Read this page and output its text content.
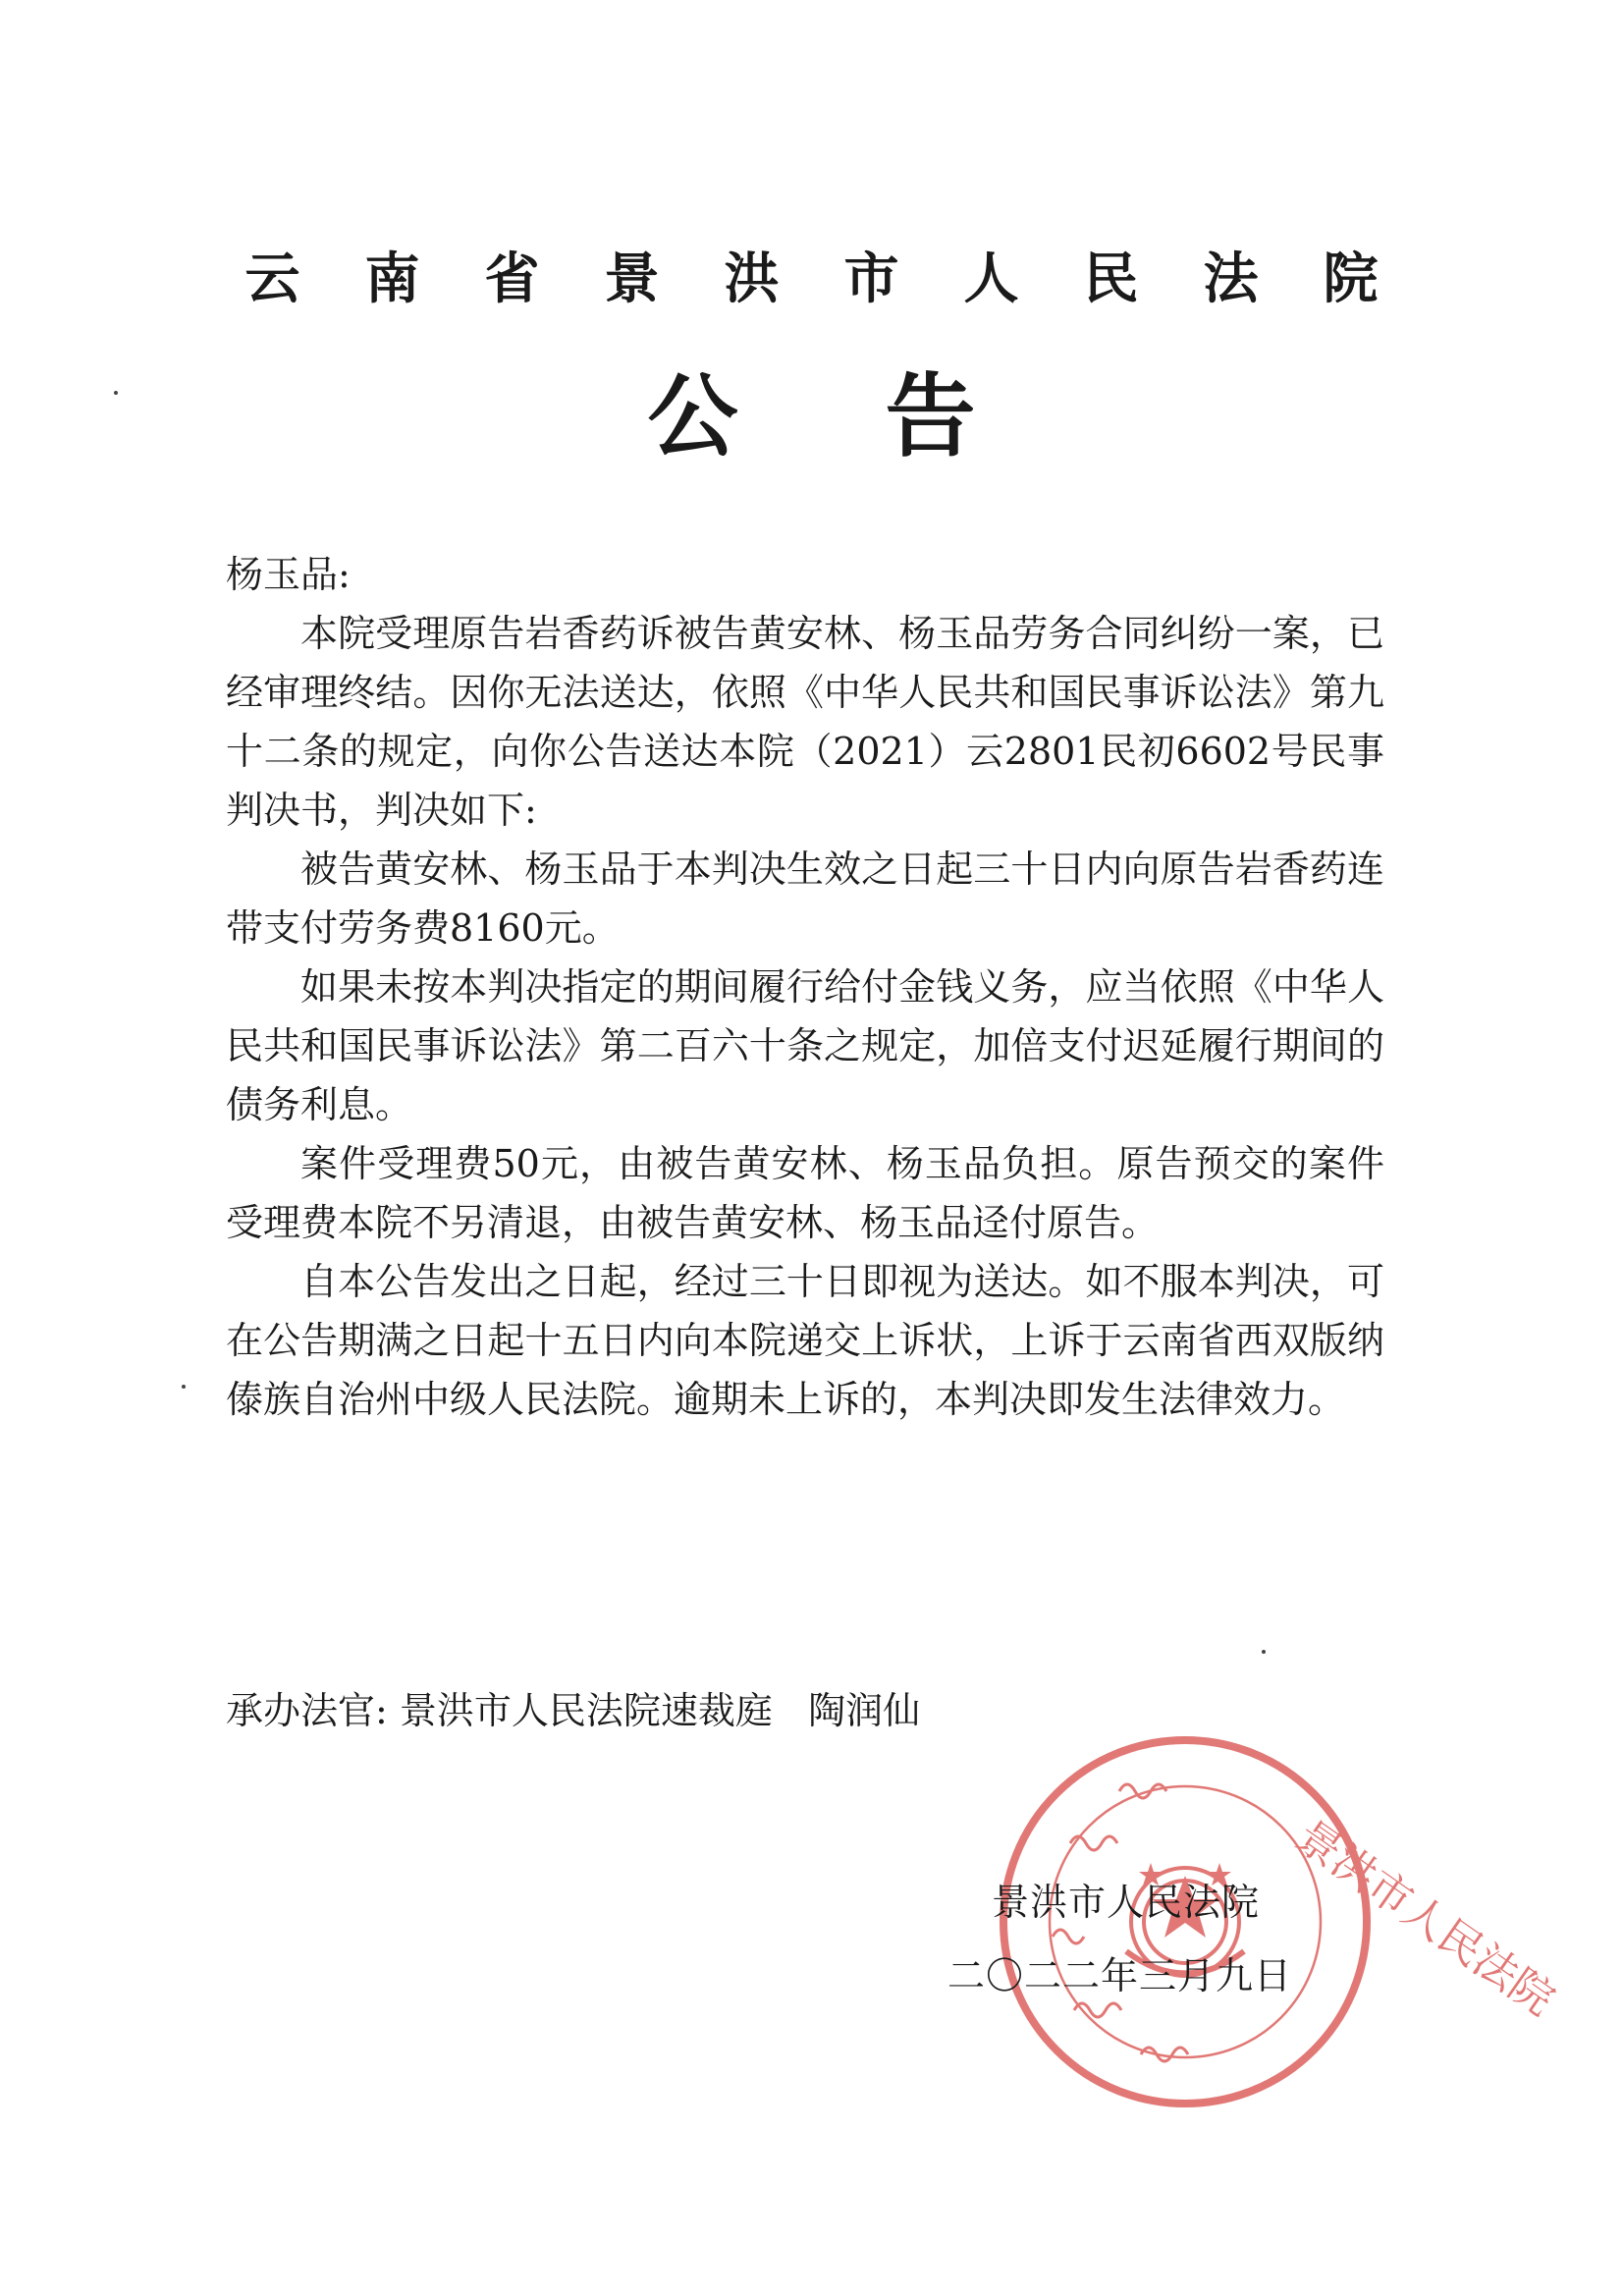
云南省景洪市人民法院
公告

杨玉品:

本院受理原告岩香药诉被告黄安林、杨玉品劳务合同纠纷一案，已经审理终结。因你无法送达，依照《中华人民共和国民事诉讼法》第九十二条的规定，向你公告送达本院（2021）云2801民初6602号民事判决书，判决如下:

被告黄安林、杨玉品于本判决生效之日起三十日内向原告岩香药连带支付劳务费8160元。

如果未按本判决指定的期间履行给付金钱义务，应当依照《中华人民共和国民事诉讼法》第二百六十条之规定，加倍支付迟延履行期间的债务利息。

案件受理费50元，由被告黄安林、杨玉品负担。原告预交的案件受理费本院不另清退，由被告黄安林、杨玉品迳付原告。

自本公告发出之日起，经过三十日即视为送达。如不服本判决，可在公告期满之日起十五日内向本院递交上诉状，上诉于云南省西双版纳傣族自治州中级人民法院。逾期未上诉的，本判决即发生法律效力。

承办法官: 景洪市人民法院速裁庭   陶润仙
景洪市人民法院
景洪市人民法院
二〇二二年三月九日
